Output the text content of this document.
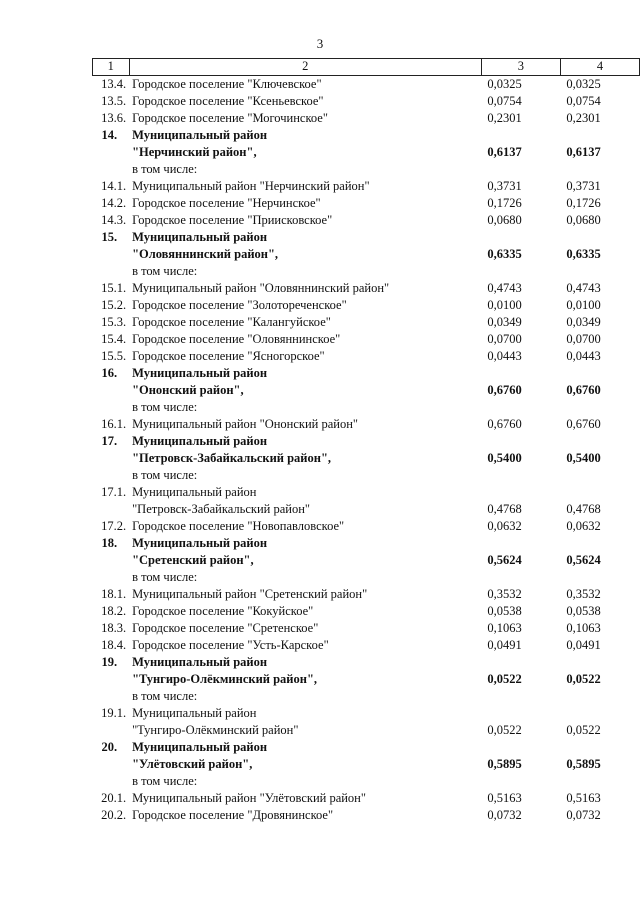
3
1	2	3	4
13.4.	Городское поселение "Ключевское"	0,0325	0,0325
13.5.	Городское поселение "Ксеньевское"	0,0754	0,0754
13.6.	Городское поселение "Могочинское"	0,2301	0,2301
14.	Муниципальный район
"Нерчинский район",	0,6137	0,6137
	в том числе:		
14.1.	Муниципальный район "Нерчинский район"	0,3731	0,3731
14.2.	Городское поселение "Нерчинское"	0,1726	0,1726
14.3.	Городское поселение "Приисковское"	0,0680	0,0680
15.	Муниципальный район
"Оловяннинский район",	0,6335	0,6335
	в том числе:		
15.1.	Муниципальный район "Оловяннинский район"	0,4743	0,4743
15.2.	Городское поселение "Золотореченское"	0,0100	0,0100
15.3.	Городское поселение "Калангуйское"	0,0349	0,0349
15.4.	Городское поселение "Оловяннинское"	0,0700	0,0700
15.5.	Городское поселение "Ясногорское"	0,0443	0,0443
16.	Муниципальный район
"Ононский район",	0,6760	0,6760
	в том числе:		
16.1.	Муниципальный район "Ононский район"	0,6760	0,6760
17.	Муниципальный район
"Петровск-Забайкальский район",	0,5400	0,5400
	в том числе:		
17.1.	Муниципальный район
"Петровск-Забайкальский район"	0,4768	0,4768
17.2.	Городское поселение "Новопавловское"	0,0632	0,0632
18.	Муниципальный район
"Сретенский район",	0,5624	0,5624
	в том числе:		
18.1.	Муниципальный район "Сретенский район"	0,3532	0,3532
18.2.	Городское поселение "Кокуйское"	0,0538	0,0538
18.3.	Городское поселение "Сретенское"	0,1063	0,1063
18.4.	Городское поселение "Усть-Карское"	0,0491	0,0491
19.	Муниципальный район
"Тунгиро-Олёкминский район",	0,0522	0,0522
	в том числе:		
19.1.	Муниципальный район
"Тунгиро-Олёкминский район"	0,0522	0,0522
20.	Муниципальный район
"Улётовский район",	0,5895	0,5895
	в том числе:		
20.1.	Муниципальный район "Улётовский район"	0,5163	0,5163
20.2.	Городское поселение "Дровянинское"	0,0732	0,0732
